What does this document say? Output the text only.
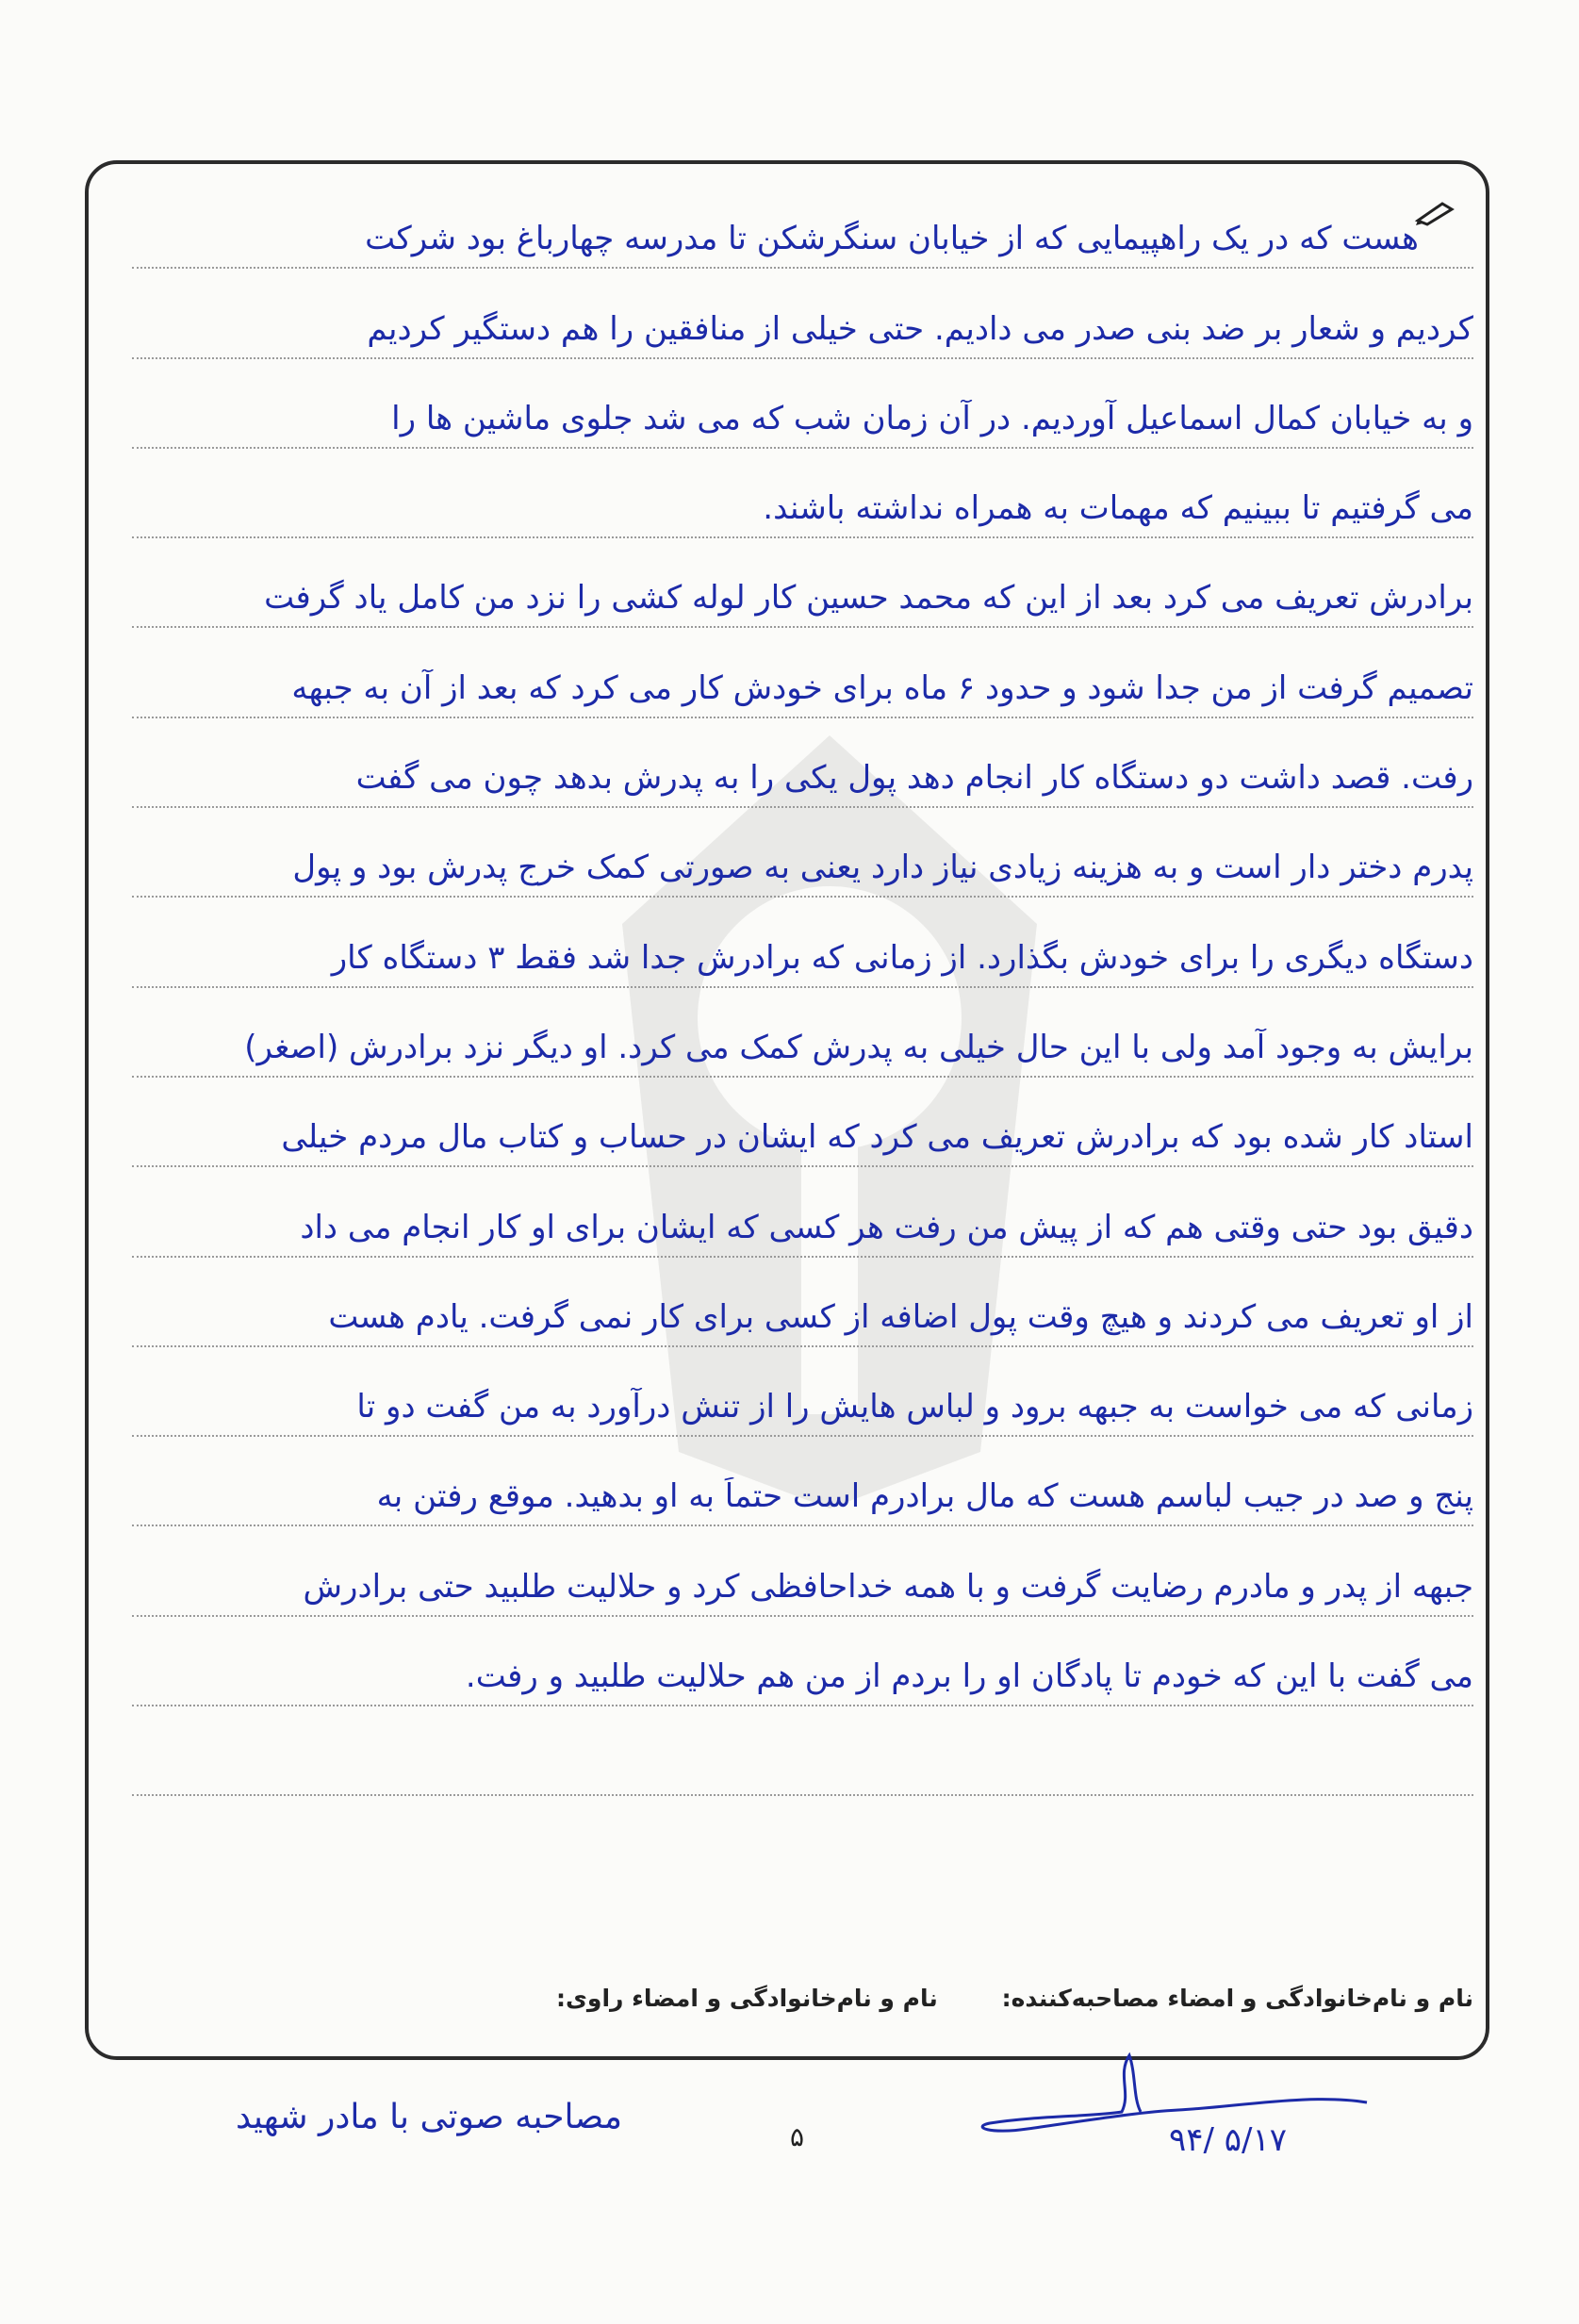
هست که در یک راهپیمایی که از خیابان سنگرشکن تا مدرسه چهارباغ بود شرکت
کردیم و شعار بر ضد بنی صدر می دادیم. حتی خیلی از منافقین را هم دستگیر کردیم
و به خیابان کمال اسماعیل آوردیم. در آن زمان شب که می شد جلوی ماشین ها را
می گرفتیم تا ببینیم که مهمات به همراه نداشته باشند.
برادرش تعریف می کرد بعد از این که محمد حسین کار لوله کشی را نزد من کامل یاد گرفت
تصمیم گرفت از من جدا شود و حدود ۶ ماه برای خودش کار می کرد که بعد از آن به جبهه
رفت. قصد داشت دو دستگاه کار انجام دهد پول یکی را به پدرش بدهد چون می گفت
پدرم دختر دار است و به هزینه زیادی نیاز دارد یعنی به صورتی کمک خرج پدرش بود و پول
دستگاه دیگری را برای خودش بگذارد. از زمانی که برادرش جدا شد فقط ۳ دستگاه کار
برایش به وجود آمد ولی با این حال خیلی به پدرش کمک می کرد. او دیگر نزد برادرش (اصغر)
استاد کار شده بود که برادرش تعریف می کرد که ایشان در حساب و کتاب مال مردم خیلی
دقیق بود حتی وقتی هم که از پیش من رفت هر کسی که ایشان برای او کار انجام می داد
از او تعریف می کردند و هیچ وقت پول اضافه از کسی برای کار نمی گرفت. یادم هست
زمانی که می خواست به جبهه برود و لباس هایش را از تنش درآورد به من گفت دو تا
پنج و صد در جیب لباسم هست که مال برادرم است حتماً به او بدهید. موقع رفتن به
جبهه از پدر و مادرم رضایت گرفت و با همه خداحافظی کرد و حلالیت طلبید حتی برادرش
می گفت با این که خودم تا پادگان او را بردم از من هم حلالیت طلبید و رفت.
نام و نام‌خانوادگی و امضاء مصاحبه‌کننده:
نام و نام‌خانوادگی و امضاء راوی:
مصاحبه صوتی با مادر شهید
۵	۹۴/ ۵/۱۷
